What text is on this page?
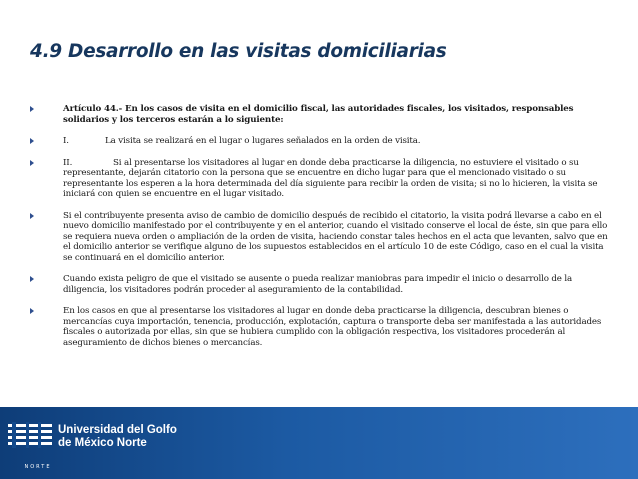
4.9 Desarrollo en las visitas domiciliarias
Artículo 44.- En los casos de visita en el domicilio fiscal, las autoridades fiscales, los visitados, responsables solidarios y los terceros estarán a lo siguiente:
I.	La visita se realizará en el lugar o lugares señalados en la orden de visita.
II.	Si al presentarse los visitadores al lugar en donde deba practicarse la diligencia, no estuviere el visitado o su representante, dejarán citatorio con la persona que se encuentre en dicho lugar para que el mencionado visitado o su representante los esperen a la hora determinada del día siguiente para recibir la orden de visita; si no lo hicieren, la visita se iniciará con quien se encuentre en el lugar visitado.
Si el contribuyente presenta aviso de cambio de domicilio después de recibido el citatorio, la visita podrá llevarse a cabo en el nuevo domicilio manifestado por el contribuyente y en el anterior, cuando el visitado conserve el local de éste, sin que para ello se requiera nueva orden o ampliación de la orden de visita, haciendo constar tales hechos en el acta que levanten, salvo que en el domicilio anterior se verifique alguno de los supuestos establecidos en el artículo 10 de este Código, caso en el cual la visita se continuará en el domicilio anterior.
Cuando exista peligro de que el visitado se ausente o pueda realizar maniobras para impedir el inicio o desarrollo de la diligencia, los visitadores podrán proceder al aseguramiento de la contabilidad.
En los casos en que al presentarse los visitadores al lugar en donde deba practicarse la diligencia, descubran bienes o mercancías cuya importación, tenencia, producción, explotación, captura o transporte deba ser manifestada a las autoridades fiscales o autorizada por ellas, sin que se hubiera cumplido con la obligación respectiva, los visitadores procederán al aseguramiento de dichos bienes o mercancías.
NORTE
Universidad del Golfo
de México Norte
